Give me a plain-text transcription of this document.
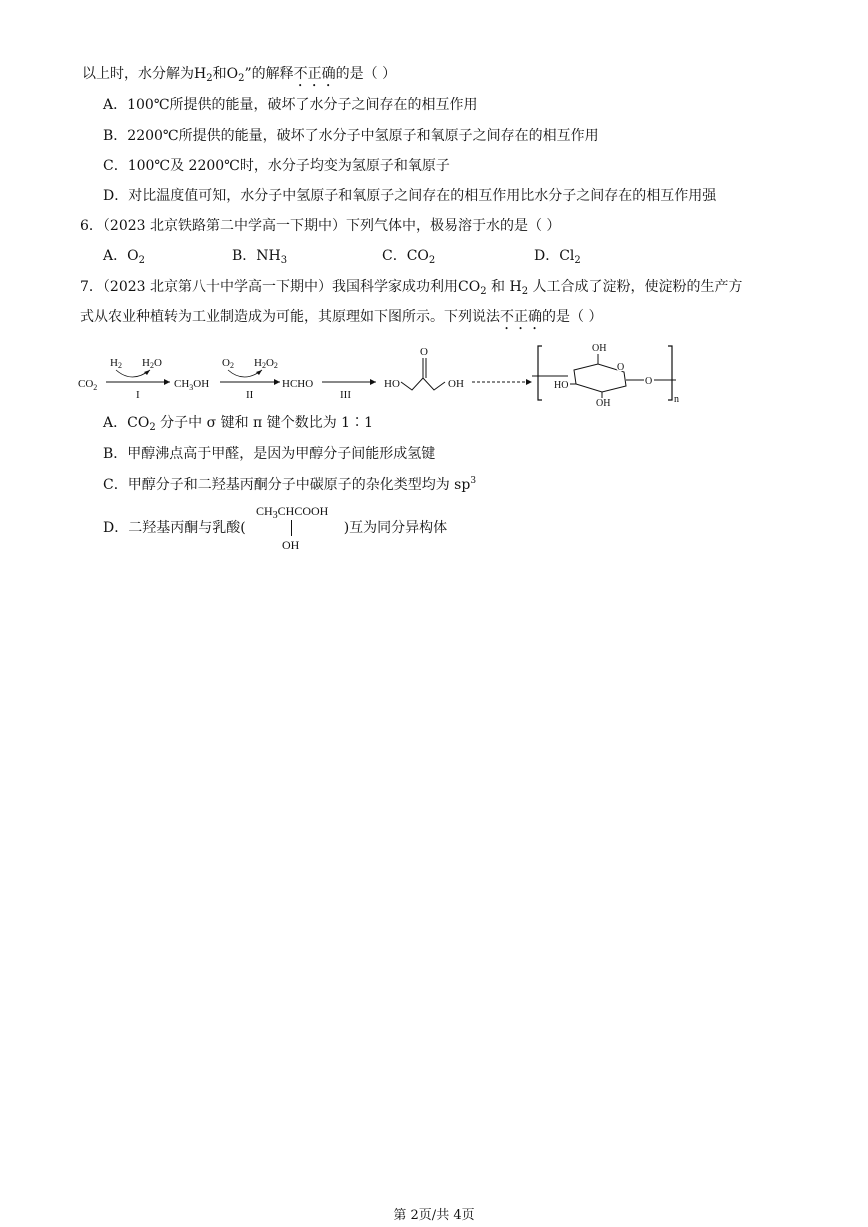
以上时，水分解为$H_2$和$O_2$”的解释不正确的是（ ）
A．100℃所提供的能量，破坏了水分子之间存在的相互作用
B．2200℃所提供的能量，破坏了水分子中氢原子和氧原子之间存在的相互作用
C．100℃及 2200℃时，水分子均变为氢原子和氧原子
D．对比温度值可知，水分子中氢原子和氧原子之间存在的相互作用比水分子之间存在的相互作用强
6．（2023 北京铁路第二中学高一下期中）下列气体中，极易溶于水的是（ ）
A．$O_2$	B．$NH_3$	C．$CO_2$	D．$Cl_2$
7．（2023 北京第八十中学高一下期中）我国科学家成功利用$CO_2$ 和 $H_2$ 人工合成了淀粉，使淀粉的生产方
式从农业种植转为工业制造成为可能，其原理如下图所示。下列说法不正确的是（ ）
$CO_2$
H2 H2O
I
$CH_3OH$
O2 H2O2
II
HCHO
III
HO
O
OH
n
O
OH
HO
OH
O
A．$CO_2$ 分子中 σ 键和 π 键个数比为 1∶1
B．甲醇沸点高于甲醛，是因为甲醇分子间能形成氢键
C．甲醇分子和二羟基丙酮分子中碳原子的杂化类型均为 $sp^3$
D．二羟基丙酮与乳酸(	)互为同分异构体
$CH_3CHCOOH$
OH
第 2页/共 4页
